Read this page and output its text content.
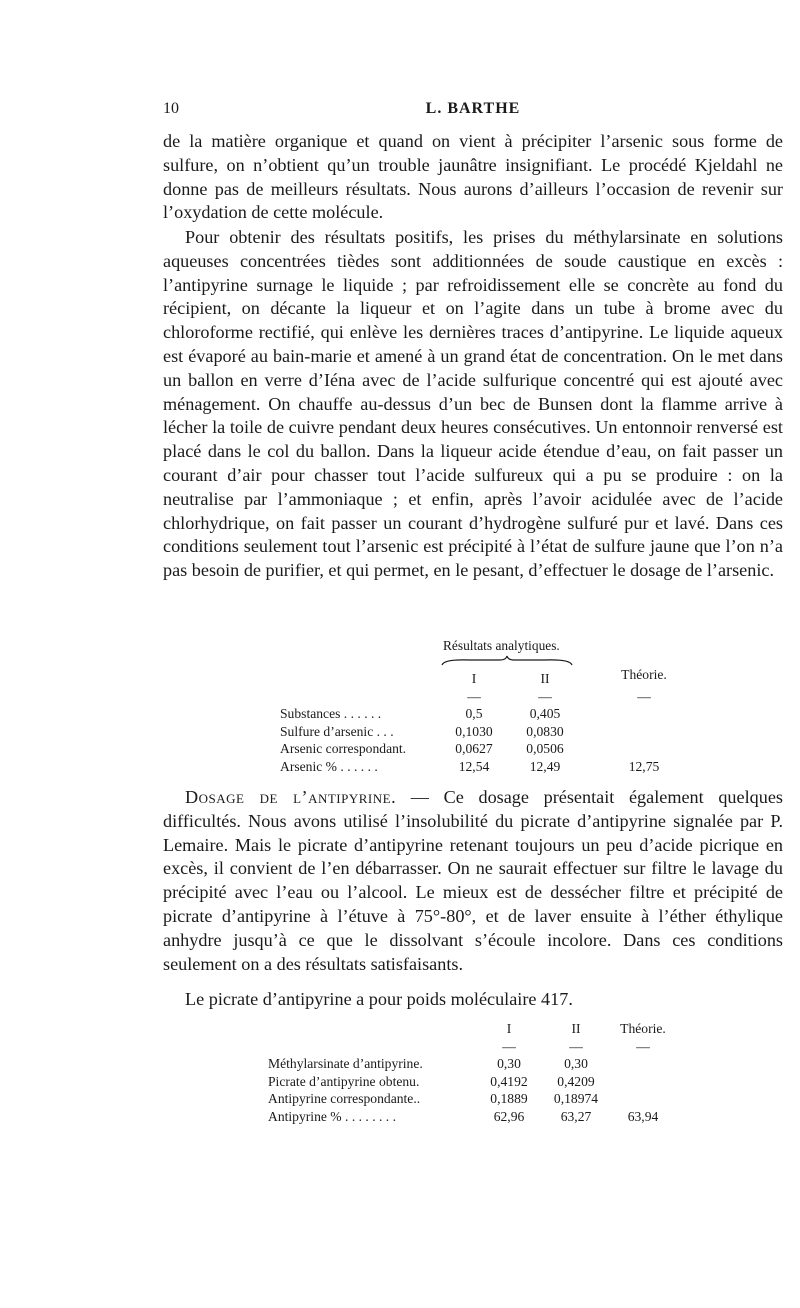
10	L. BARTHE

de la matière organique et quand on vient à précipiter l’arsenic sous forme de sulfure, on n’obtient qu’un trouble jaunâtre insignifiant. Le procédé Kjeldahl ne donne pas de meilleurs résultats. Nous aurons d’ailleurs l’occasion de revenir sur l’oxydation de cette molécule.

Pour obtenir des résultats positifs, les prises du méthylarsinate en solutions aqueuses concentrées tièdes sont additionnées de soude caustique en excès : l’antipyrine surnage le liquide ; par refroidissement elle se concrète au fond du récipient, on décante la liqueur et on l’agite dans un tube à brome avec du chloroforme rectifié, qui enlève les dernières traces d’antipyrine. Le liquide aqueux est évaporé au bain-marie et amené à un grand état de concentration. On le met dans un ballon en verre d’Iéna avec de l’acide sulfurique concentré qui est ajouté avec ménagement. On chauffe au-dessus d’un bec de Bunsen dont la flamme arrive à lécher la toile de cuivre pendant deux heures consécutives. Un entonnoir renversé est placé dans le col du ballon. Dans la liqueur acide étendue d’eau, on fait passer un courant d’air pour chasser tout l’acide sulfureux qui a pu se produire : on la neutralise par l’ammoniaque ; et enfin, après l’avoir acidulée avec de l’acide chlorhydrique, on fait passer un courant d’hydrogène sulfuré pur et lavé. Dans ces conditions seulement tout l’arsenic est précipité à l’état de sulfure jaune que l’on n’a pas besoin de purifier, et qui permet, en le pesant, d’effectuer le dosage de l’arsenic.

Résultats analytiques.
	I	II	Théorie.
	—	—	—
Substances . . . . . .	0,5	0,405	
Sulfure d’arsenic . . .	0,1030	0,0830	
Arsenic correspondant.	0,0627	0,0506	
Arsenic % . . . . . .	12,54	12,49	12,75

Dosage de l’antipyrine. — Ce dosage présentait également quelques difficultés. Nous avons utilisé l’insolubilité du picrate d’antipyrine signalée par P. Lemaire. Mais le picrate d’antipyrine retenant toujours un peu d’acide picrique en excès, il convient de l’en débarrasser. On ne saurait effectuer sur filtre le lavage du précipité avec l’eau ou l’alcool. Le mieux est de dessécher filtre et précipité de picrate d’antipyrine à l’étuve à 75°-80°, et de laver ensuite à l’éther éthylique anhydre jusqu’à ce que le dissolvant s’écoule incolore. Dans ces conditions seulement on a des résultats satisfaisants.

Le picrate d’antipyrine a pour poids moléculaire 417.

	I	II	Théorie.
	—	—	—
Méthylarsinate d’antipyrine.	0,30	0,30	
Picrate d’antipyrine obtenu.	0,4192	0,4209	
Antipyrine correspondante..	0,1889	0,18974	
Antipyrine % . . . . . . . .	62,96	63,27	63,94
